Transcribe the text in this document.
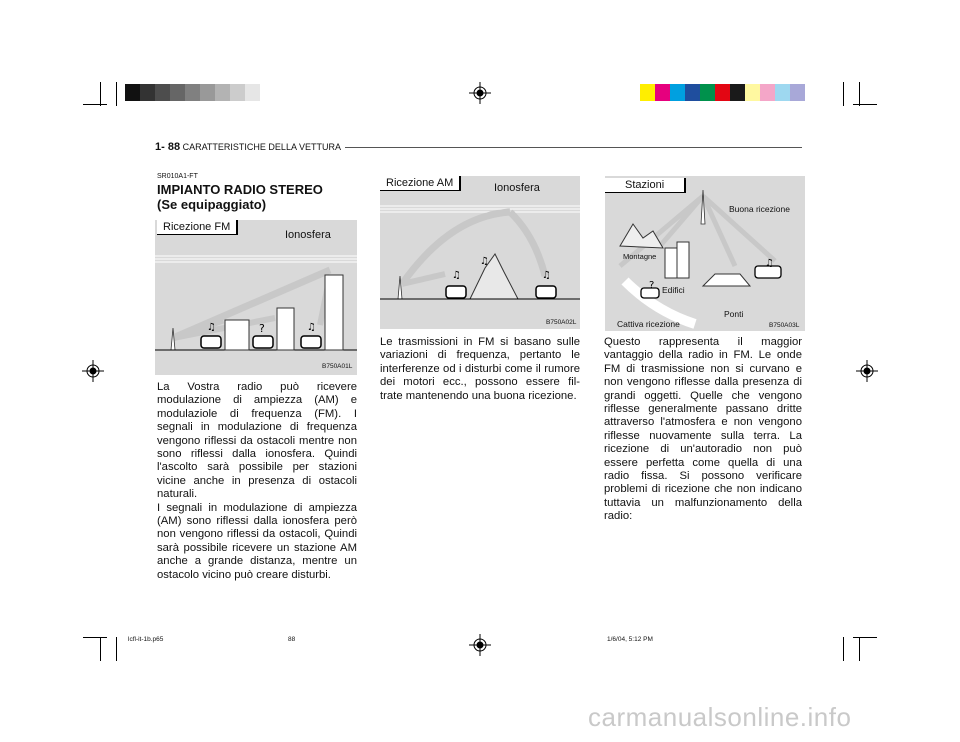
1- 88 CARATTERISTICHE DELLA VETTURA
SR010A1-FT
IMPIANTO RADIO STEREO
(Se equipaggiato)
♫	?	♫
Ricezione FM
Ionosfera
B750A01L
La Vostra radio può ricevere modulazione di ampiezza (AM) e modulaziole di frequenza (FM). I segnali in modulazione di frequenza vengono riflessi da ostacoli mentre non sono riflessi dalla ionosfera. Quindi l'ascolto sarà possibile per stazioni vicine anche in presenza di ostacoli naturali.
I segnali in modulazione di ampiezza (AM) sono riflessi dalla ionosfera però non vengono riflessi da ostacoli, Quindi sarà possibile ricevere un stazione AM anche a grande distanza, mentre un ostacolo vicino può creare disturbi.
♫
♫
♫
Ricezione AM	Ionosfera
B750A02L
Le trasmissioni in FM si basano sulle variazioni di frequenza, pertanto le interferenze od i disturbi come il rumore dei motori ecc., possono essere fil- trate mantenendo una buona ricezione.
?
♫
Stazioni
Buona ricezione
Montagne
Edifici
Ponti
Cattiva ricezione	B750A03L
Questo rappresenta il maggior vantaggio della radio in FM. Le onde FM di trasmissione non si curvano e non vengono riflesse dalla presenza di grandi oggetti. Quelle che vengono riflesse generalmente passano dritte attraverso l'atmosfera e non vengono riflesse nuovamente sulla terra. La ricezione di un'autoradio non può essere perfetta come quella di una radio fissa. Si possono verificare problemi di ricezione che non indicano tuttavia un malfunzionamento della radio:
lcfl-it-1b.p65	88	1/6/04, 5:12 PM
carmanualsonline.info
